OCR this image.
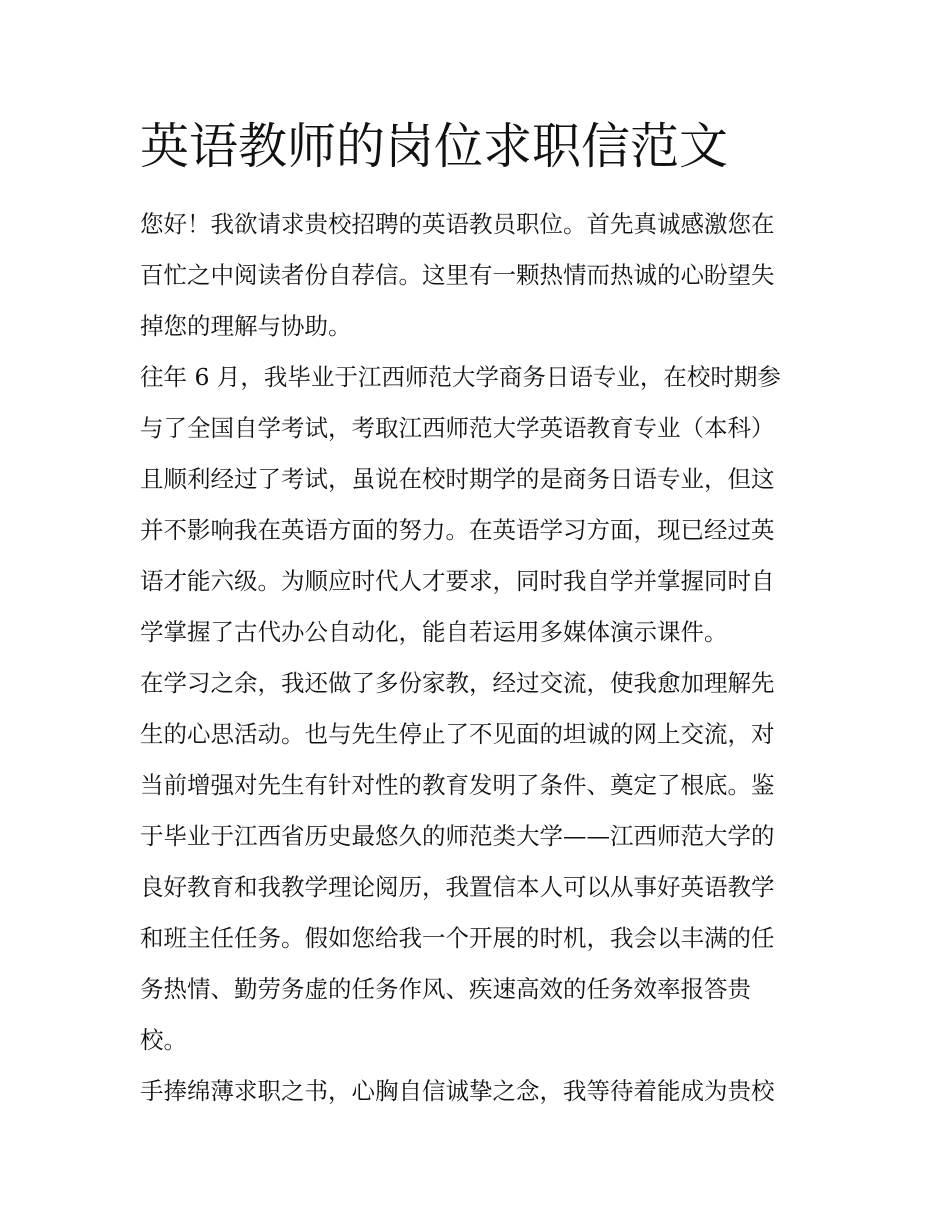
英语教师的岗位求职信范文

您好！我欲请求贵校招聘的英语教员职位。首先真诚感激您在
百忙之中阅读者份自荐信。这里有一颗热情而热诚的心盼望失
掉您的理解与协助。

往年 6 月，我毕业于江西师范大学商务日语专业，在校时期参
与了全国自学考试，考取江西师范大学英语教育专业（本科）
且顺利经过了考试，虽说在校时期学的是商务日语专业，但这
并不影响我在英语方面的努力。在英语学习方面，现已经过英
语才能六级。为顺应时代人才要求，同时我自学并掌握同时自
学掌握了古代办公自动化，能自若运用多媒体演示课件。

在学习之余，我还做了多份家教，经过交流，使我愈加理解先
生的心思活动。也与先生停止了不见面的坦诚的网上交流，对
当前增强对先生有针对性的教育发明了条件、奠定了根底。鉴
于毕业于江西省历史最悠久的师范类大学——江西师范大学的
良好教育和我教学理论阅历，我置信本人可以从事好英语教学
和班主任任务。假如您给我一个开展的时机，我会以丰满的任
务热情、勤劳务虚的任务作风、疾速高效的任务效率报答贵
校。

手捧绵薄求职之书，心胸自信诚挚之念，我等待着能成为贵校
